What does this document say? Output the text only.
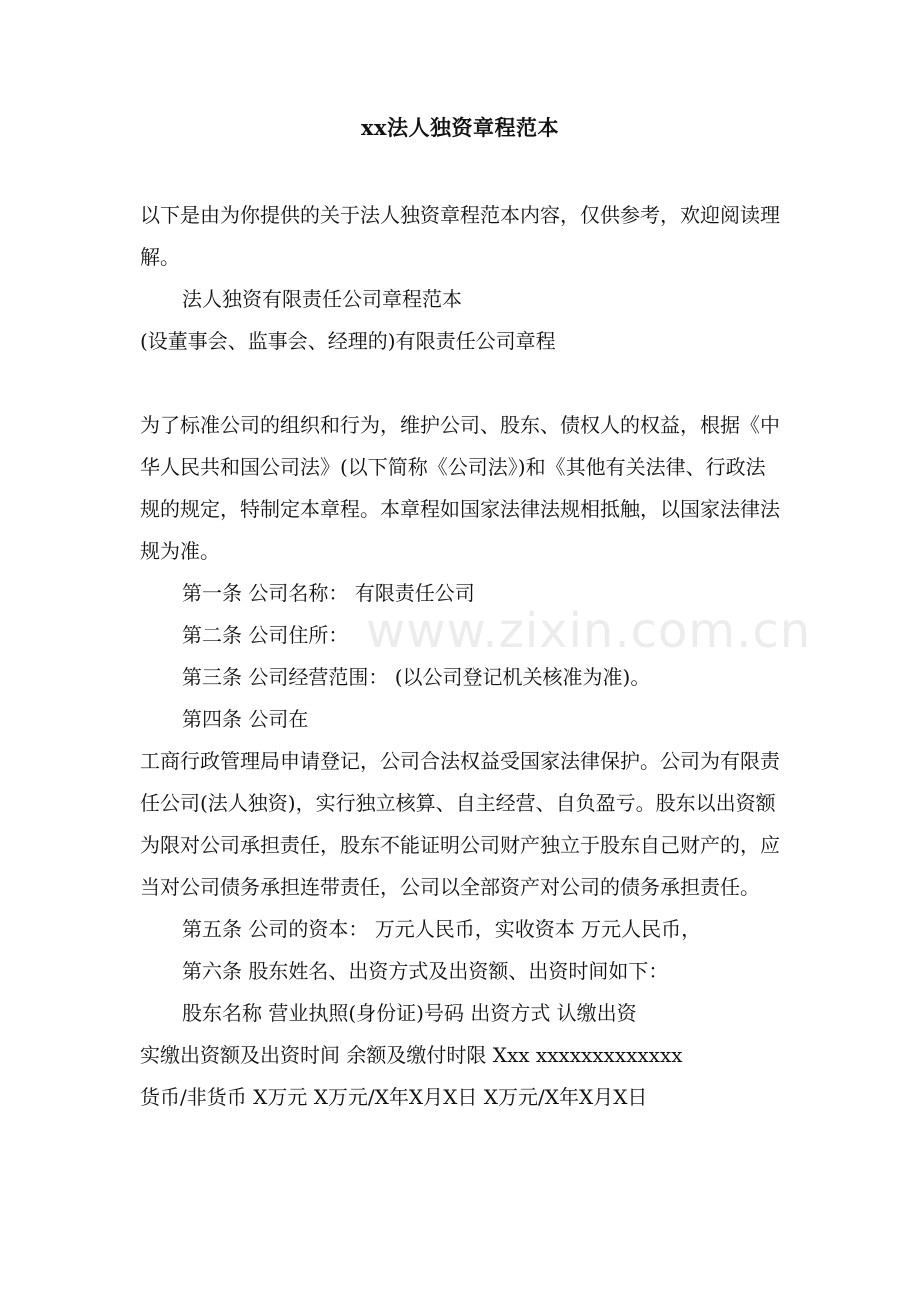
xx法人独资章程范本

以下是由为你提供的关于法人独资章程范本内容，仅供参考，欢迎阅读理解。

法人独资有限责任公司章程范本

(设董事会、监事会、经理的)有限责任公司章程

为了标准公司的组织和行为，维护公司、股东、债权人的权益，根据《中华人民共和国公司法》(以下简称《公司法》)和《其他有关法律、行政法规的规定，特制定本章程。本章程如国家法律法规相抵触，以国家法律法规为准。

第一条 公司名称： 有限责任公司

第二条 公司住所：

第三条 公司经营范围： (以公司登记机关核准为准)。

第四条 公司在

工商行政管理局申请登记，公司合法权益受国家法律保护。公司为有限责任公司(法人独资)，实行独立核算、自主经营、自负盈亏。股东以出资额为限对公司承担责任，股东不能证明公司财产独立于股东自己财产的，应当对公司债务承担连带责任，公司以全部资产对公司的债务承担责任。

第五条 公司的资本： 万元人民币，实收资本 万元人民币，

第六条 股东姓名、出资方式及出资额、出资时间如下：

股东名称 营业执照(身份证)号码 出资方式 认缴出资

实缴出资额及出资时间 余额及缴付时限 Xxx xxxxxxxxxxxxx

货币/非货币 X万元 X万元/X年X月X日 X万元/X年X月X日

www.zixin.com.cn
